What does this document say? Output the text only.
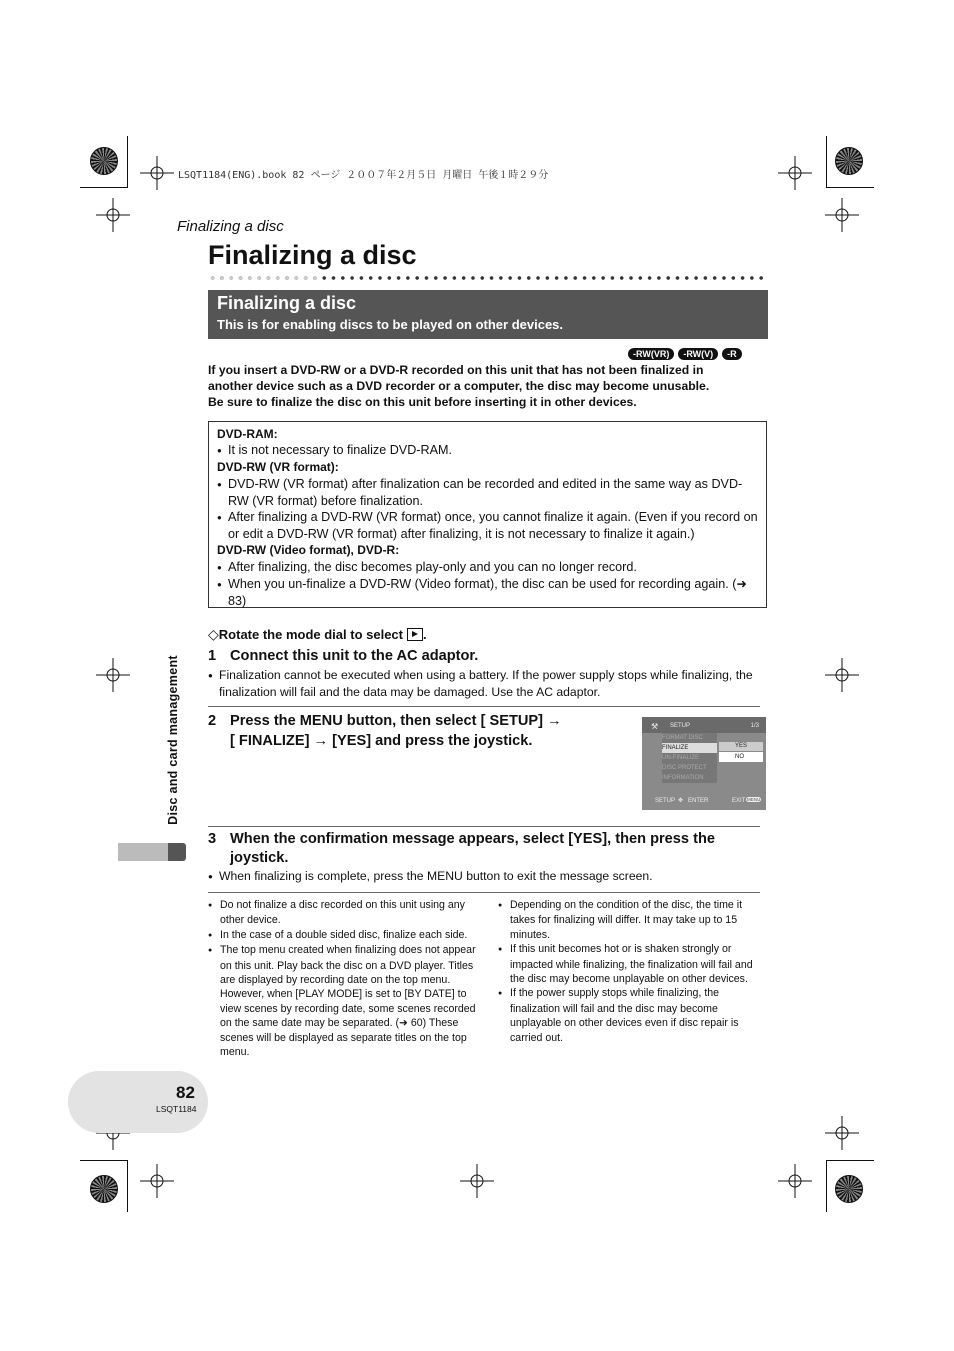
LSQT1184(ENG).book 82 ページ ２００７年２月５日 月曜日 午後１時２９分
Finalizing a disc
Finalizing a disc
Finalizing a disc
This is for enabling discs to be played on other devices.
-RW(VR)	-RW(V)	-R
If you insert a DVD-RW or a DVD-R recorded on this unit that has not been finalized in
another device such as a DVD recorder or a computer, the disc may become unusable.
Be sure to finalize the disc on this unit before inserting it in other devices.
DVD-RAM:
● It is not necessary to finalize DVD-RAM.
DVD-RW (VR format):
● DVD-RW (VR format) after finalization can be recorded and edited in the same way as DVD-RW (VR format) before finalization.
● After finalizing a DVD-RW (VR format) once, you cannot finalize it again. (Even if you record on or edit a DVD-RW (VR format) after finalizing, it is not necessary to finalize it again.)
DVD-RW (Video format), DVD-R:
● After finalizing, the disc becomes play-only and you can no longer record.
● When you un-finalize a DVD-RW (Video format), the disc can be used for recording again. (➜ 83)
◇Rotate the mode dial to select .
1 Connect this unit to the AC adaptor.
● Finalization cannot be executed when using a battery. If the power supply stops while finalizing, the finalization will fail and the data may be damaged. Use the AC adaptor.
2 Press the MENU button, then select [ SETUP] →
[ FINALIZE] → [YES] and press the joystick.
⚒ SETUP	1/3
FORMAT DISC
FINALIZE
UN-FINALIZE
DISC PROTECT
INFORMATION
YES
NO
SETUP ✥ ENTER	EXIT MENU
3 When the confirmation message appears, select [YES], then press the joystick.
● When finalizing is complete, press the MENU button to exit the message screen.
● Do not finalize a disc recorded on this unit using any other device.
● In the case of a double sided disc, finalize each side.
● The top menu created when finalizing does not appear on this unit. Play back the disc on a DVD player. Titles are displayed by recording date on the top menu. However, when [PLAY MODE] is set to [BY DATE] to view scenes by recording date, some scenes recorded on the same date may be separated. (➜ 60) These scenes will be displayed as separate titles on the top menu.
● Depending on the condition of the disc, the time it takes for finalizing will differ. It may take up to 15 minutes.
● If this unit becomes hot or is shaken strongly or impacted while finalizing, the finalization will fail and the disc may become unplayable on other devices.
● If the power supply stops while finalizing, the finalization will fail and the disc may become unplayable on other devices even if disc repair is carried out.
Disc and card management
82
LSQT1184
